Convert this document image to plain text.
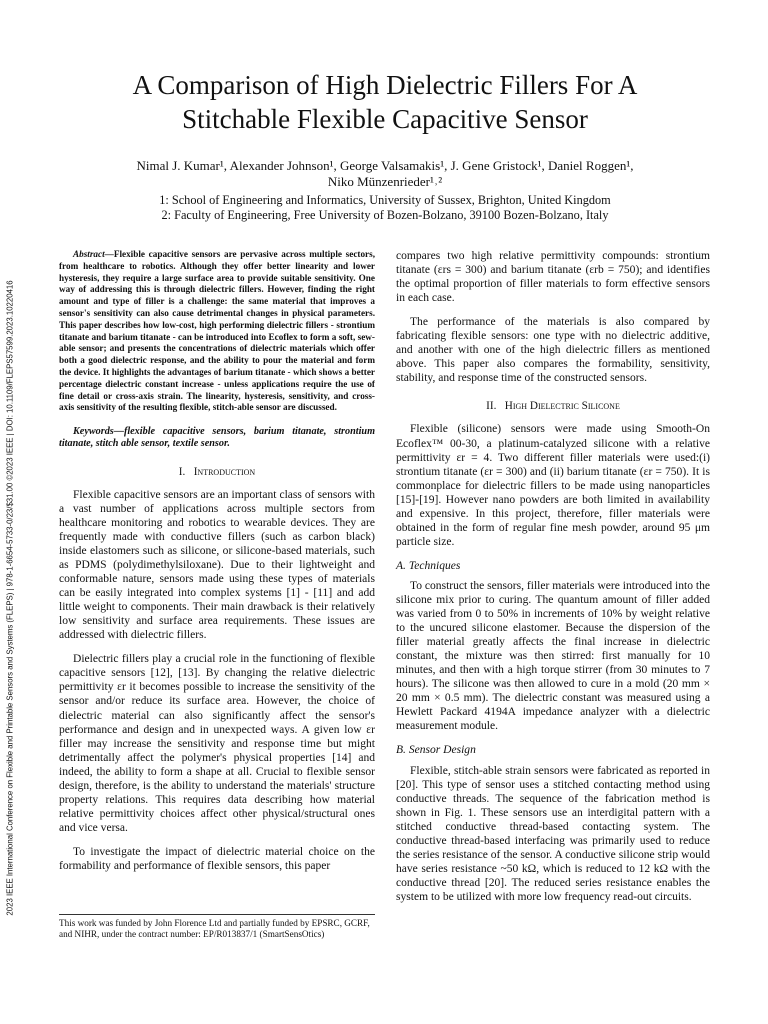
A Comparison of High Dielectric Fillers For A
Stitchable Flexible Capacitive Sensor
Nimal J. Kumar¹, Alexander Johnson¹, George Valsamakis¹, J. Gene Gristock¹, Daniel Roggen¹,
Niko Münzenrieder¹˒²
1: School of Engineering and Informatics, University of Sussex, Brighton, United Kingdom
2: Faculty of Engineering, Free University of Bozen-Bolzano, 39100 Bozen-Bolzano, Italy
2023 IEEE International Conference on Flexible and Printable Sensors and Systems (FLEPS) | 978-1-6654-5733-0/23/$31.00 ©2023 IEEE | DOI: 10.1109/FLEPS57599.2023.10220416

Abstract—Flexible capacitive sensors are pervasive across multiple sectors, from healthcare to robotics. Although they offer better linearity and lower hysteresis, they require a large surface area to provide suitable sensitivity. One way of addressing this is through dielectric fillers. However, finding the right amount and type of filler is a challenge: the same material that improves a sensor's sensitivity can also cause detrimental changes in physical parameters. This paper describes how low-cost, high performing dielectric fillers - strontium titanate and barium titanate - can be introduced into Ecoflex to form a soft, sew-able sensor; and presents the concentrations of dielectric materials which offer both a good dielectric response, and the ability to pour the material and form the device. It highlights the advantages of barium titanate - which shows a better percentage dielectric constant increase - unless applications require the use of fine detail or cross-axis strain. The linearity, hysteresis, sensitivity, and cross-axis sensitivity of the resulting flexible, stitch-able sensor are discussed.

Keywords—flexible capacitive sensors, barium titanate, strontium titanate, stitch able sensor, textile sensor.

I. Introduction

Flexible capacitive sensors are an important class of sensors with a vast number of applications across multiple sectors from healthcare monitoring and robotics to wearable devices. They are frequently made with conductive fillers (such as carbon black) inside elastomers such as silicone, or silicone-based materials, such as PDMS (polydimethylsiloxane). Due to their lightweight and conformable nature, sensors made using these types of materials can be easily integrated into complex systems [1] - [11] and add little weight to components. Their main drawback is their relatively low sensitivity and surface area requirements. These issues are addressed with dielectric fillers.

Dielectric fillers play a crucial role in the functioning of flexible capacitive sensors [12], [13]. By changing the relative dielectric permittivity εr it becomes possible to increase the sensitivity of the sensor and/or reduce its surface area. However, the choice of dielectric material can also significantly affect the sensor's performance and design and in unexpected ways. A given low εr filler may increase the sensitivity and response time but might detrimentally affect the polymer's physical properties [14] and indeed, the ability to form a shape at all. Crucial to flexible sensor design, therefore, is the ability to understand the materials' structure property relations. This requires data describing how material relative permittivity choices affect other physical/structural ones and vice versa.

To investigate the impact of dielectric material choice on the formability and performance of flexible sensors, this paper

compares two high relative permittivity compounds: strontium titanate (εrs = 300) and barium titanate (εrb = 750); and identifies the optimal proportion of filler materials to form effective sensors in each case.

The performance of the materials is also compared by fabricating flexible sensors: one type with no dielectric additive, and another with one of the high dielectric fillers as mentioned above. This paper also compares the formability, sensitivity, stability, and response time of the constructed sensors.

II. High Dielectric Silicone

Flexible (silicone) sensors were made using Smooth-On Ecoflex™ 00-30, a platinum-catalyzed silicone with a relative permittivity εr = 4. Two different filler materials were used:(i) strontium titanate (εr = 300) and (ii) barium titanate (εr = 750). It is commonplace for dielectric fillers to be made using nanoparticles [15]-[19]. However nano powders are both limited in availability and expensive. In this project, therefore, filler materials were obtained in the form of regular fine mesh powder, around 95 μm particle size.

A. Techniques

To construct the sensors, filler materials were introduced into the silicone mix prior to curing. The quantum amount of filler added was varied from 0 to 50% in increments of 10% by weight relative to the uncured silicone elastomer. Because the dispersion of the filler material greatly affects the final increase in dielectric constant, the mixture was then stirred: first manually for 10 minutes, and then with a high torque stirrer (from 30 minutes to 7 hours). The silicone was then allowed to cure in a mold (20 mm × 20 mm × 0.5 mm). The dielectric constant was measured using a Hewlett Packard 4194A impedance analyzer with a dielectric measurement module.

B. Sensor Design

Flexible, stitch-able strain sensors were fabricated as reported in [20]. This type of sensor uses a stitched contacting method using conductive threads. The sequence of the fabrication method is shown in Fig. 1. These sensors use an interdigital pattern with a stitched conductive thread-based contacting system. The conductive thread-based interfacing was primarily used to reduce the series resistance of the sensor. A conductive silicone strip would have series resistance ~50 kΩ, which is reduced to 12 kΩ with the conductive thread [20]. The reduced series resistance enables the system to be utilized with more low frequency read-out circuits.

This work was funded by John Florence Ltd and partially funded by EPSRC, GCRF, and NIHR, under the contract number: EP/R013837/1 (SmartSensOtics)
